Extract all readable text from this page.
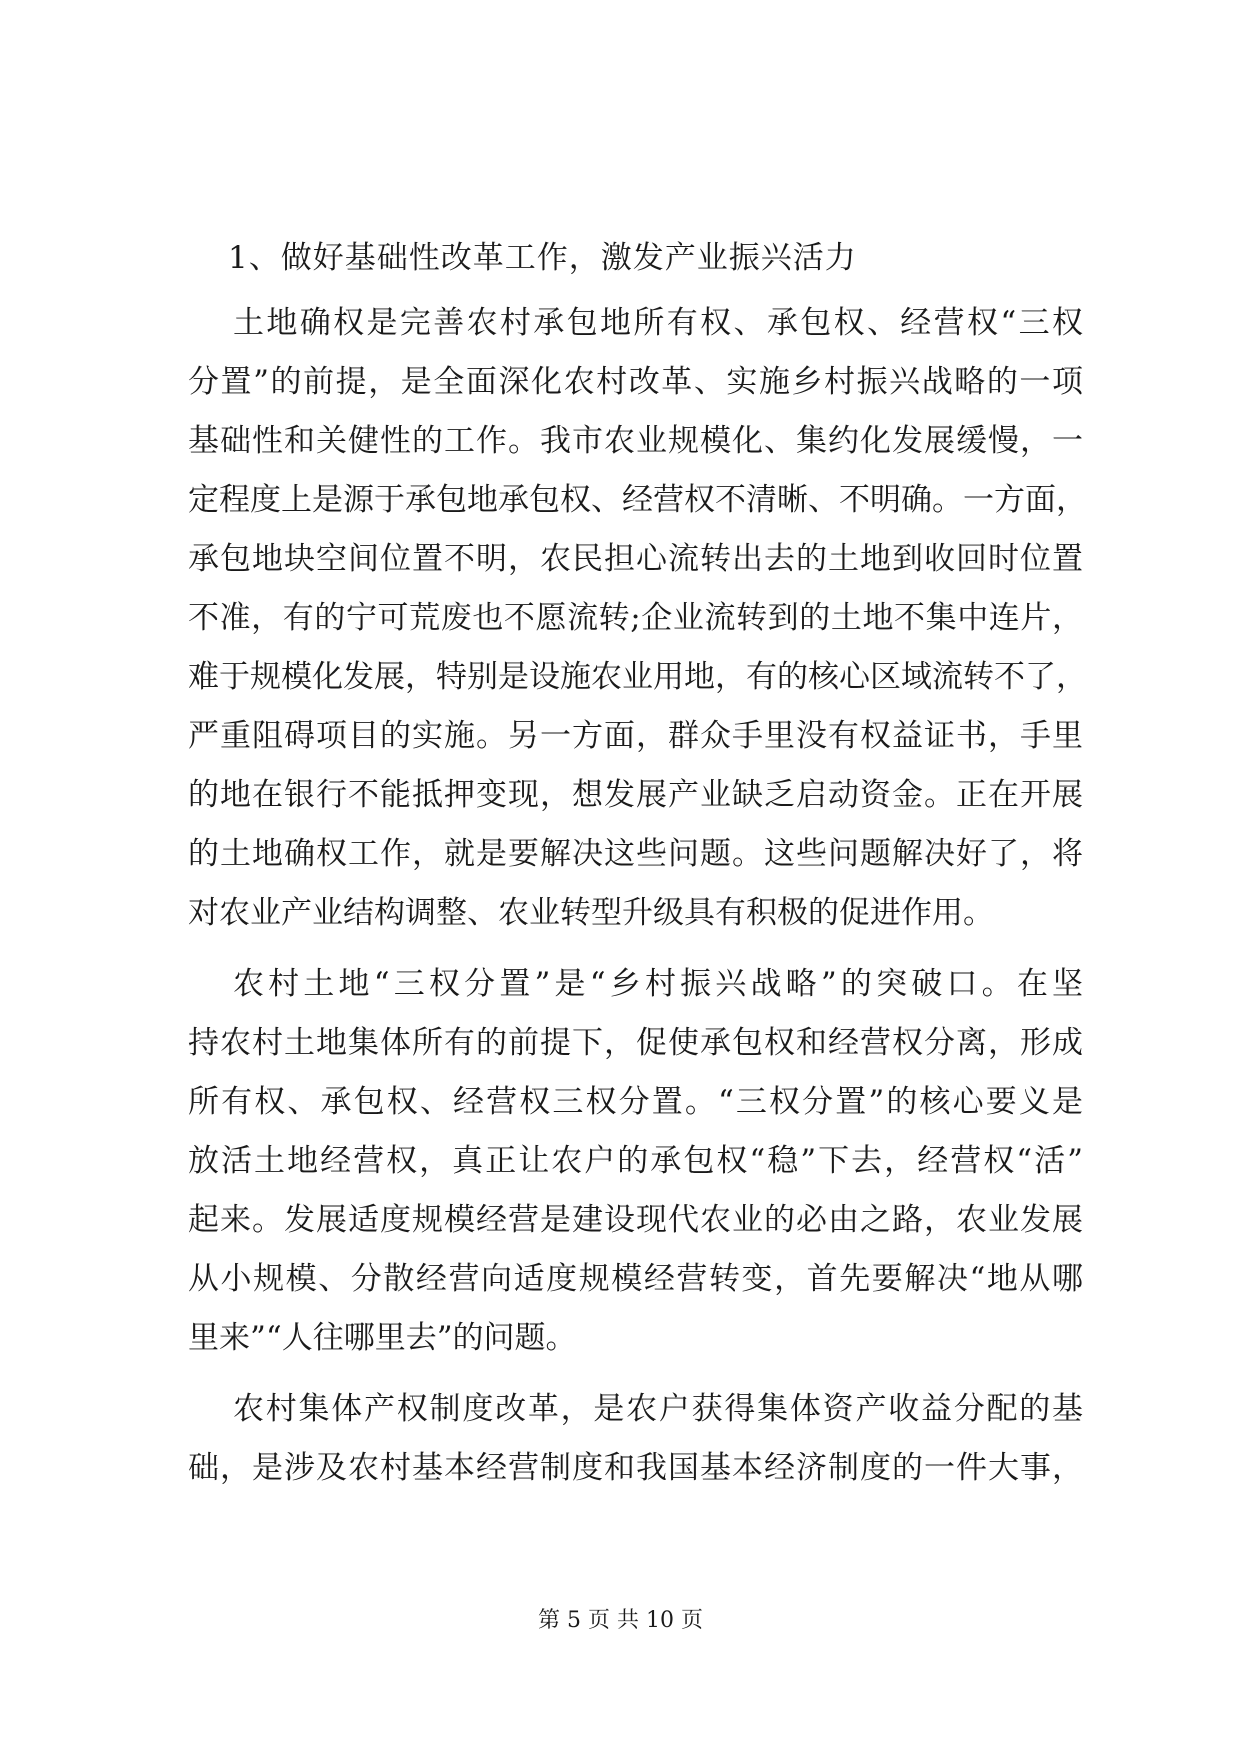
1、做好基础性改革工作，激发产业振兴活力
土地确权是完善农村承包地所有权、承包权、经营权“三权
分置”的前提，是全面深化农村改革、实施乡村振兴战略的一项
基础性和关健性的工作。我市农业规模化、集约化发展缓慢，一
定程度上是源于承包地承包权、经营权不清晰、不明确。一方面，
承包地块空间位置不明，农民担心流转出去的土地到收回时位置
不准，有的宁可荒废也不愿流转;企业流转到的土地不集中连片，
难于规模化发展，特别是设施农业用地，有的核心区域流转不了，
严重阻碍项目的实施。另一方面，群众手里没有权益证书，手里
的地在银行不能抵押变现，想发展产业缺乏启动资金。正在开展
的土地确权工作，就是要解决这些问题。这些问题解决好了，将
对农业产业结构调整、农业转型升级具有积极的促进作用。
农村土地“三权分置”是“乡村振兴战略”的突破口。在坚
持农村土地集体所有的前提下，促使承包权和经营权分离，形成
所有权、承包权、经营权三权分置。“三权分置”的核心要义是
放活土地经营权，真正让农户的承包权“稳”下去，经营权“活”
起来。发展适度规模经营是建设现代农业的必由之路，农业发展
从小规模、分散经营向适度规模经营转变，首先要解决“地从哪
里来”“人往哪里去”的问题。
农村集体产权制度改革，是农户获得集体资产收益分配的基
础，是涉及农村基本经营制度和我国基本经济制度的一件大事，
第 5 页 共 10 页
